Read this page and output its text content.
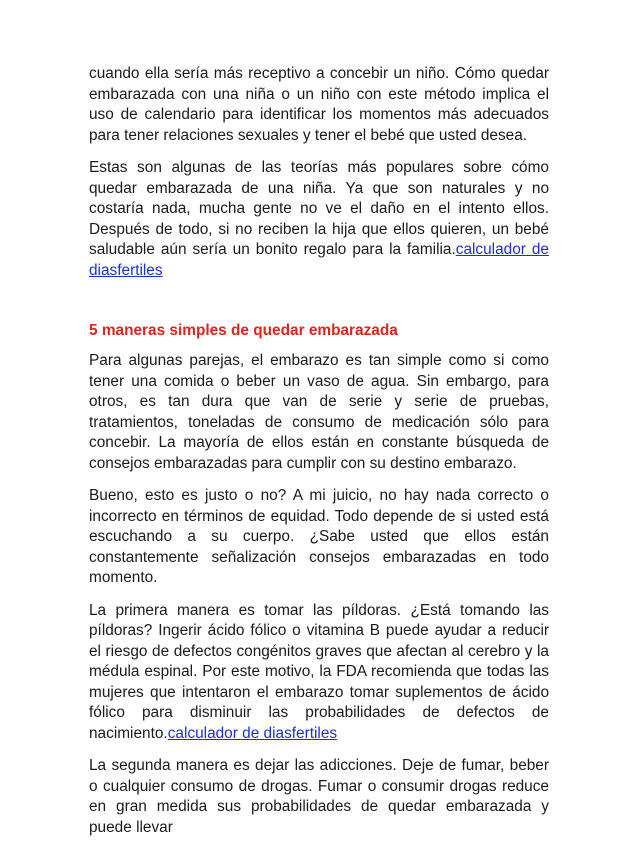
cuando ella sería más receptivo a concebir un niño. Cómo quedar embarazada con una niña o un niño con este método implica el uso de calendario para identificar los momentos más adecuados para tener relaciones sexuales y tener el bebé que usted desea.

Estas son algunas de las teorías más populares sobre cómo quedar embarazada de una niña. Ya que son naturales y no costaría nada, mucha gente no ve el daño en el intento ellos. Después de todo, si no reciben la hija que ellos quieren, un bebé saludable aún sería un bonito regalo para la familia.calculador de diasfertiles

5 maneras simples de quedar embarazada

Para algunas parejas, el embarazo es tan simple como si como tener una comida o beber un vaso de agua. Sin embargo, para otros, es tan dura que van de serie y serie de pruebas, tratamientos, toneladas de consumo de medicación sólo para concebir. La mayoría de ellos están en constante búsqueda de consejos embarazadas para cumplir con su destino embarazo.

Bueno, esto es justo o no? A mi juicio, no hay nada correcto o incorrecto en términos de equidad. Todo depende de si usted está escuchando a su cuerpo. ¿Sabe usted que ellos están constantemente señalización consejos embarazadas en todo momento.

La primera manera es tomar las píldoras. ¿Está tomando las píldoras? Ingerir ácido fólico o vitamina B puede ayudar a reducir el riesgo de defectos congénitos graves que afectan al cerebro y la médula espinal. Por este motivo, la FDA recomienda que todas las mujeres que intentaron el embarazo tomar suplementos de ácido fólico para disminuir las probabilidades de defectos de nacimiento.calculador de diasfertiles

La segunda manera es dejar las adicciones. Deje de fumar, beber o cualquier consumo de drogas. Fumar o consumir drogas reduce en gran medida sus probabilidades de quedar embarazada y puede llevar
